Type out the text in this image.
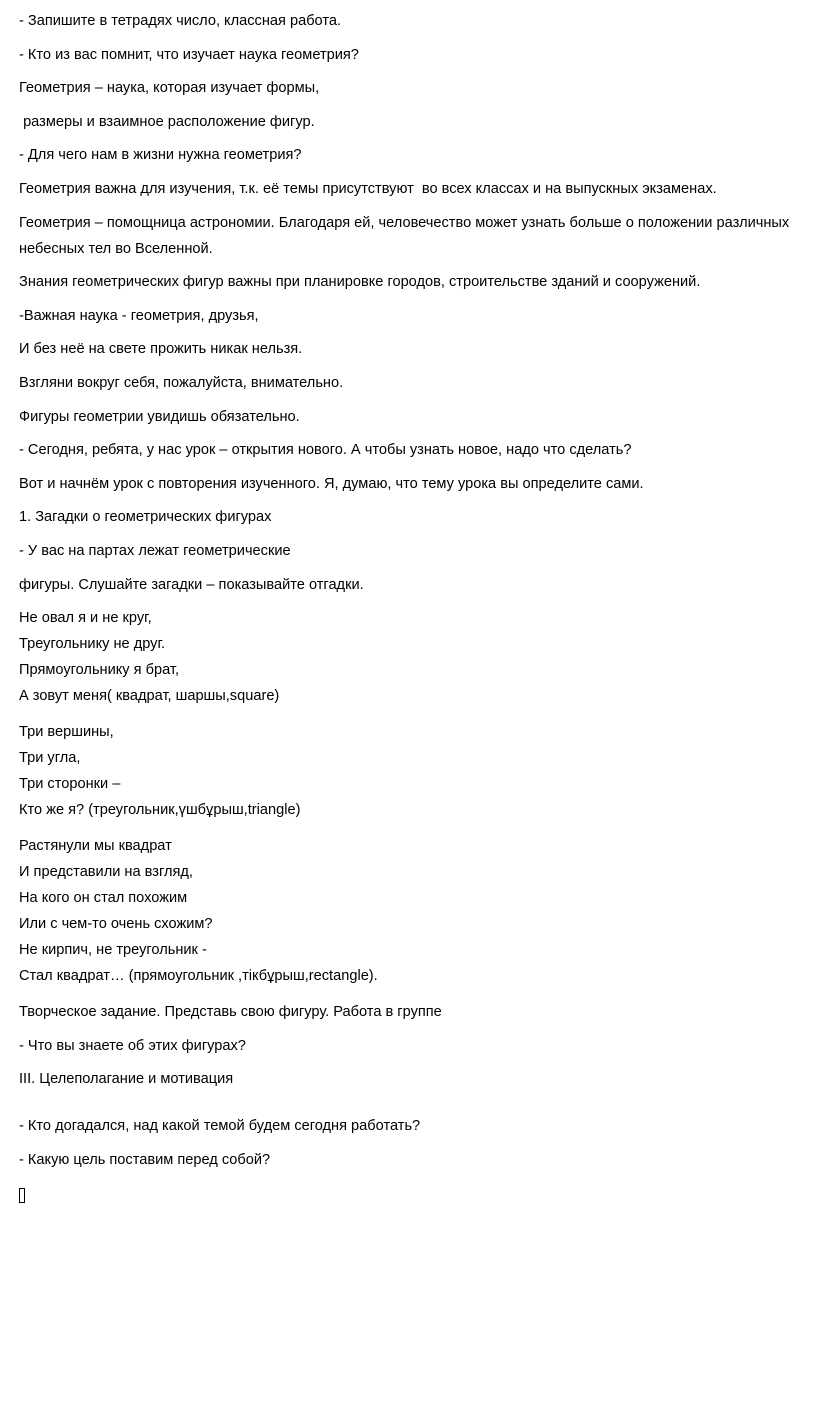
- Запишите в тетрадях число, классная работа.

- Кто из вас помнит, что изучает наука геометрия?

Геометрия – наука, которая изучает формы,

размеры и взаимное расположение фигур.

- Для чего нам в жизни нужна геометрия?

Геометрия важна для изучения, т.к. её темы присутствуют  во всех классах и на выпускных экзаменах.

Геометрия – помощница астрономии. Благодаря ей, человечество может узнать больше о положении различных небесных тел во Вселенной.

Знания геометрических фигур важны при планировке городов, строительстве зданий и сооружений.

-Важная наука - геометрия, друзья,

И без неё на свете прожить никак нельзя.

Взгляни вокруг себя, пожалуйста, внимательно.

Фигуры геометрии увидишь обязательно.

- Сегодня, ребята, у нас урок – открытия нового. А чтобы узнать новое, надо что сделать?

Вот и начнём урок с повторения изученного. Я, думаю, что тему урока вы определите сами.

1. Загадки о геометрических фигурах

- У вас на партах лежат геометрические

фигуры. Слушайте загадки – показывайте отгадки.

Не овал я и не круг,

Треугольнику не друг.

Прямоугольнику я брат,

А зовут меня( квадрат, шаршы,square)

Три вершины,

Три угла,

Три сторонки –

Кто же я? (треугольник,үшбұрыш,triangle)

Растянули мы квадрат

И представили на взгляд,

На кого он стал похожим

Или с чем-то очень схожим?

Не кирпич, не треугольник -

Стал квадрат… (прямоугольник ,тікбұрыш,rectangle).

Творческое задание. Представь свою фигуру. Работа в группе

- Что вы знаете об этих фигурах?

III. Целеполагание и мотивация

- Кто догадался, над какой темой будем сегодня работать?

- Какую цель поставим перед собой?
